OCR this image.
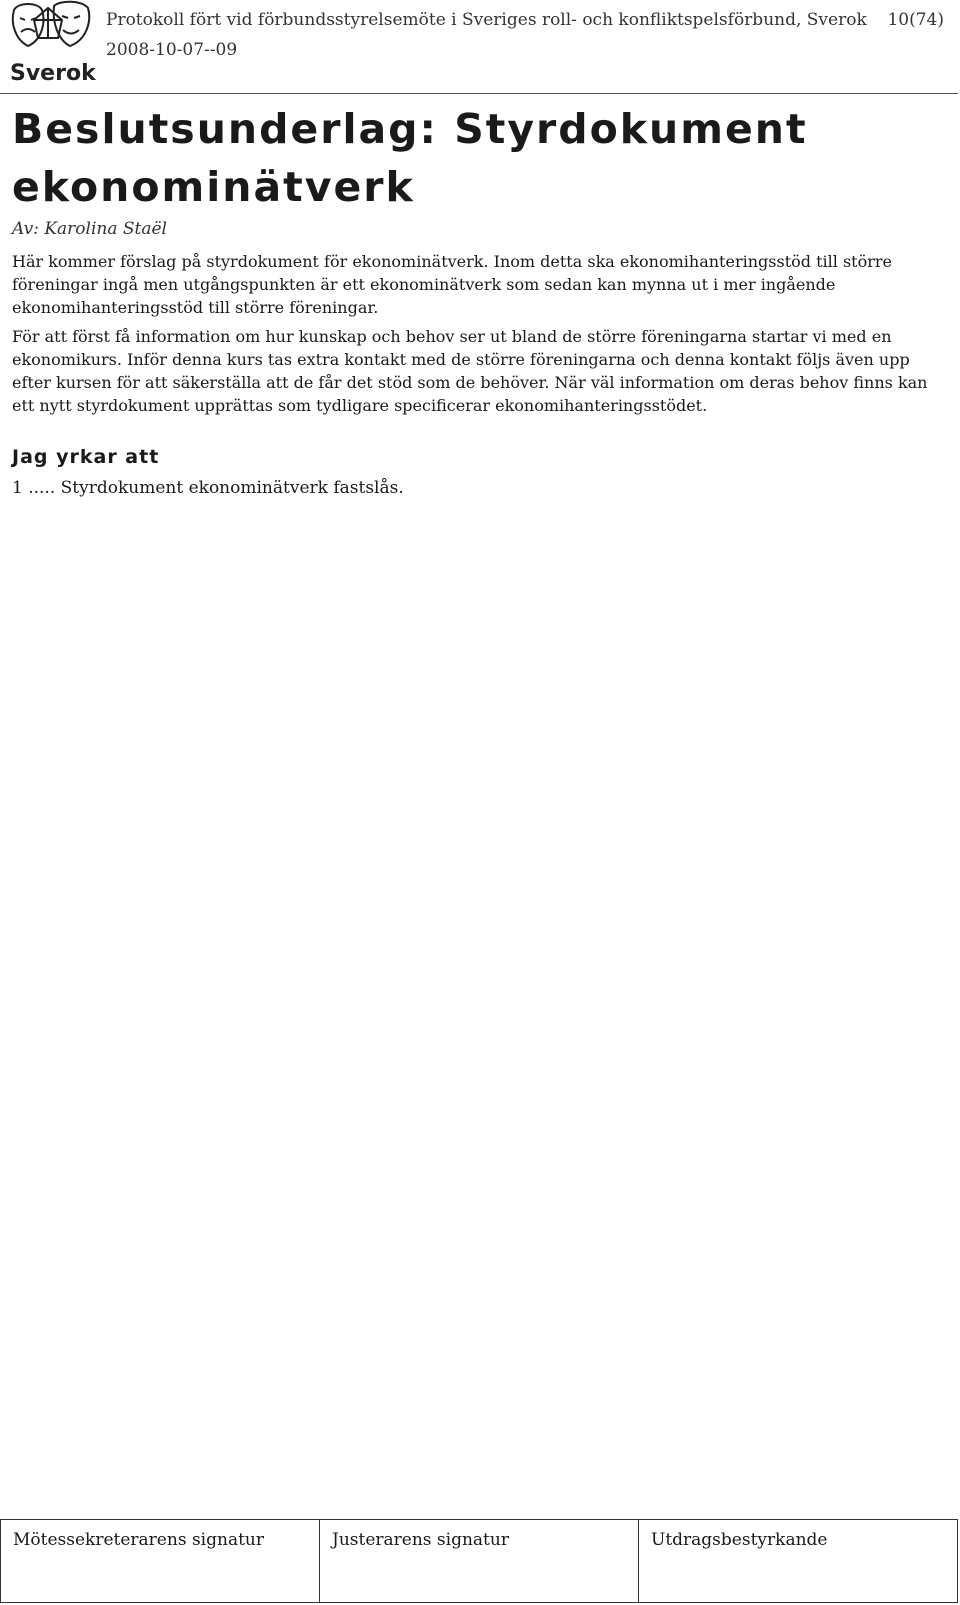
Sverok
Protokoll fört vid förbundsstyrelsemöte i Sveriges roll- och konfliktspelsförbund, Sverok
2008-10-07--09
10(74)
Beslutsunderlag: Styrdokument ekonominätverk
Av: Karolina Staël
Här kommer förslag på styrdokument för ekonominätverk. Inom detta ska ekonomihanteringsstöd till större föreningar ingå men utgångspunkten är ett ekonominätverk som sedan kan mynna ut i mer ingående ekonomihanteringsstöd till större föreningar.
För att först få information om hur kunskap och behov ser ut bland de större föreningarna startar vi med en ekonomikurs. Inför denna kurs tas extra kontakt med de större föreningarna och denna kontakt följs även upp efter kursen för att säkerställa att de får det stöd som de behöver. När väl information om deras behov finns kan ett nytt styrdokument upprättas som tydligare specificerar ekonomihanteringsstödet.
Jag yrkar att
1 ..... Styrdokument ekonominätverk fastslås.
Mötessekreterarens signatur	Justerarens signatur	Utdragsbestyrkande
